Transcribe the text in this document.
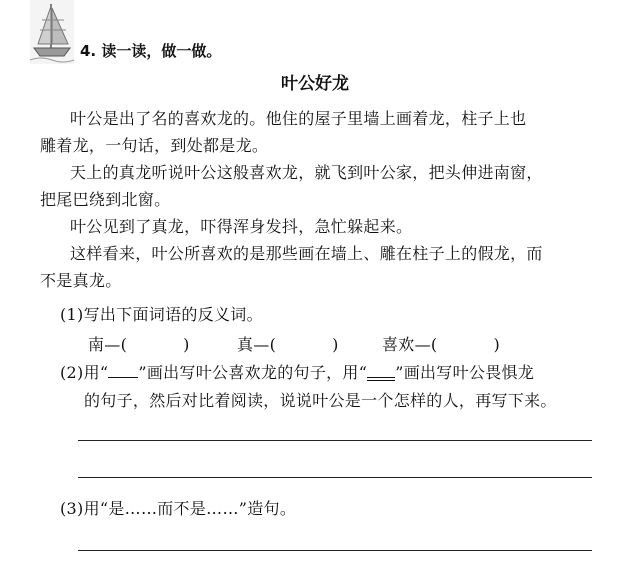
4. 读一读，做一做。
叶公好龙
叶公是出了名的喜欢龙的。他住的屋子里墙上画着龙，柱子上也
雕着龙，一句话，到处都是龙。
天上的真龙听说叶公这般喜欢龙，就飞到叶公家，把头伸进南窗，
把尾巴绕到北窗。
叶公见到了真龙，吓得浑身发抖，急忙躲起来。
这样看来，叶公所喜欢的是那些画在墙上、雕在柱子上的假龙，而
不是真龙。
(1)写出下面词语的反义词。
南—(	)	真—(	)	喜欢—(	)
(2)用“ ”画出写叶公喜欢龙的句子，用“ ”画出写叶公畏惧龙
的句子，然后对比着阅读，说说叶公是一个怎样的人，再写下来。
(3)用“是……而不是……”造句。
